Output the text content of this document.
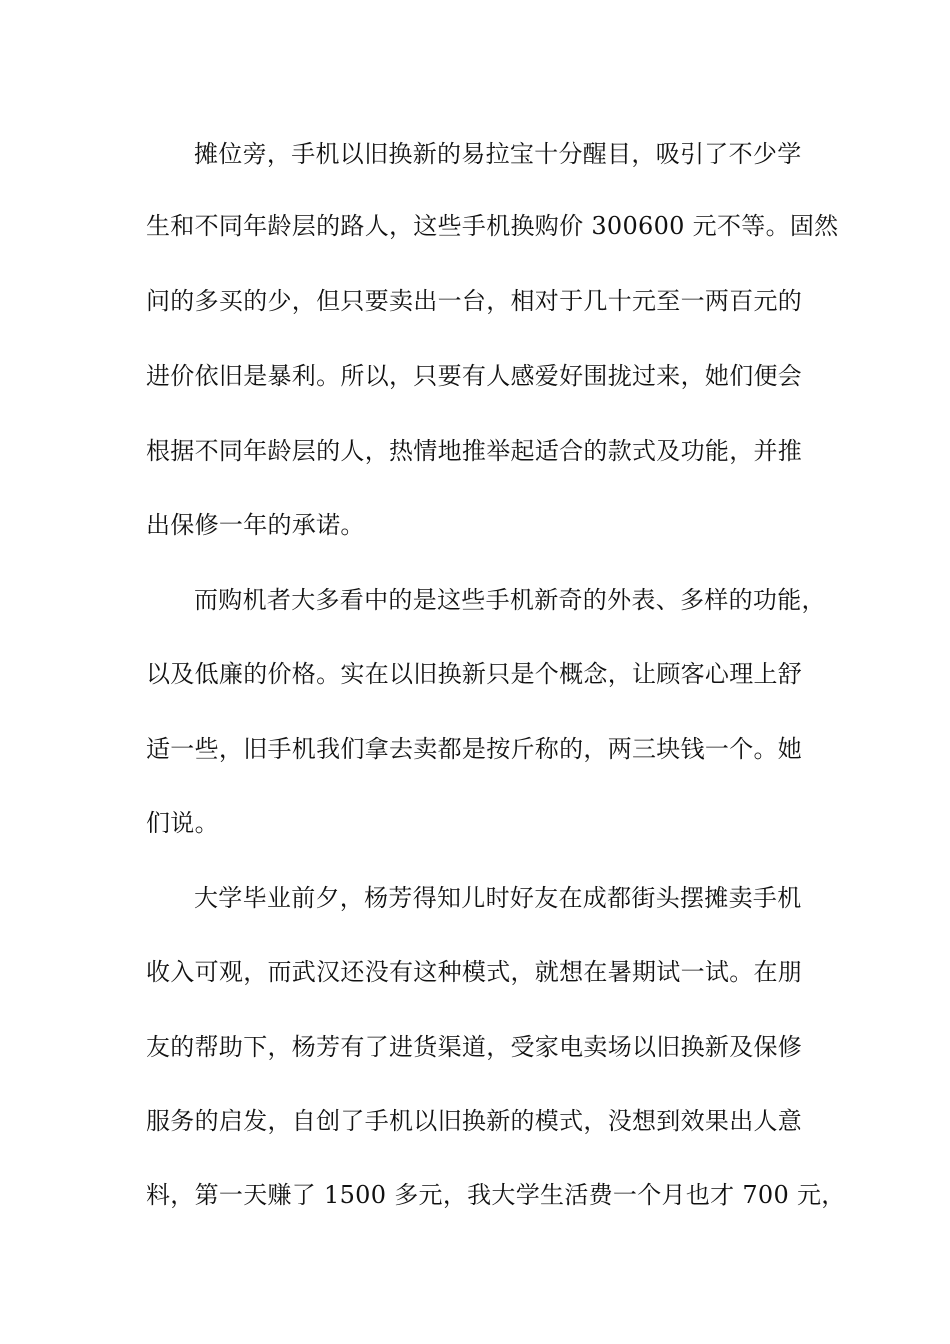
摊位旁，手机以旧换新的易拉宝十分醒目，吸引了不少学
生和不同年龄层的路人，这些手机换购价 300600 元不等。固然
问的多买的少，但只要卖出一台，相对于几十元至一两百元的
进价依旧是暴利。所以，只要有人感爱好围拢过来，她们便会
根据不同年龄层的人，热情地推举起适合的款式及功能，并推
出保修一年的承诺。
而购机者大多看中的是这些手机新奇的外表、多样的功能，
以及低廉的价格。实在以旧换新只是个概念，让顾客心理上舒
适一些，旧手机我们拿去卖都是按斤称的，两三块钱一个。她
们说。
大学毕业前夕，杨芳得知儿时好友在成都街头摆摊卖手机
收入可观，而武汉还没有这种模式，就想在暑期试一试。在朋
友的帮助下，杨芳有了进货渠道，受家电卖场以旧换新及保修
服务的启发，自创了手机以旧换新的模式，没想到效果出人意
料，第一天赚了 1500 多元，我大学生活费一个月也才 700 元，
